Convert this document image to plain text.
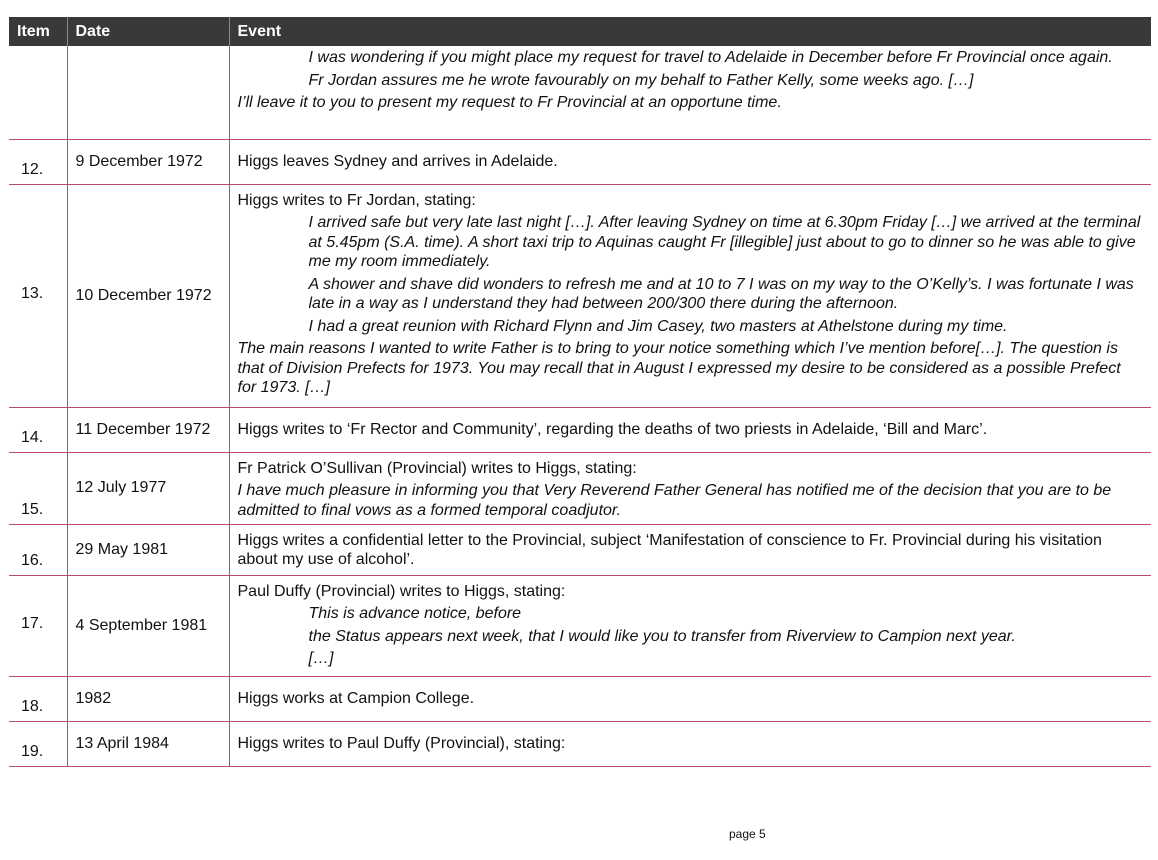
Item	Date	Event

		I was wondering if you might place my request for travel to Adelaide in December before Fr Provincial once again.

Fr Jordan assures me he wrote favourably on my behalf to Father Kelly, some weeks ago. […]

I’ll leave it to you to present my request to Fr Provincial at an opportune time.

12.	9 December 1972	Higgs leaves Sydney and arrives in Adelaide.

13.	10 December 1972	Higgs writes to Fr Jordan, stating:

I arrived safe but very late last night […]. After leaving Sydney on time at 6.30pm Friday […] we arrived at the terminal at 5.45pm (S.A. time). A short taxi trip to Aquinas caught Fr [illegible] just about to go to dinner so he was able to give me my room immediately.

A shower and shave did wonders to refresh me and at 10 to 7 I was on my way to the O’Kelly’s. I was fortunate I was late in a way as I understand they had between 200/300 there during the afternoon.

I had a great reunion with Richard Flynn and Jim Casey, two masters at Athelstone during my time.

The main reasons I wanted to write Father is to bring to your notice something which I’ve mention before[…]. The question is that of Division Prefects for 1973. You may recall that in August I expressed my desire to be considered as a possible Prefect for 1973. […]

14.	11 December 1972	Higgs writes to ‘Fr Rector and Community’, regarding the deaths of two priests in Adelaide, ‘Bill and Marc’.

15.	12 July 1977	Fr Patrick O’Sullivan (Provincial) writes to Higgs, stating:

I have much pleasure in informing you that Very Reverend Father General has notified me of the decision that you are to be admitted to final vows as a formed temporal coadjutor.

16.	29 May 1981	Higgs writes a confidential letter to the Provincial, subject ‘Manifestation of conscience to Fr. Provincial during his visitation about my use of alcohol’.

17.	4 September 1981	Paul Duffy (Provincial) writes to Higgs, stating:

This is advance notice, before

the Status appears next week, that I would like you to transfer from Riverview to Campion next year.

[…]

18.	1982	Higgs works at Campion College.

19.	13 April 1984	Higgs writes to Paul Duffy (Provincial), stating:

page 5
